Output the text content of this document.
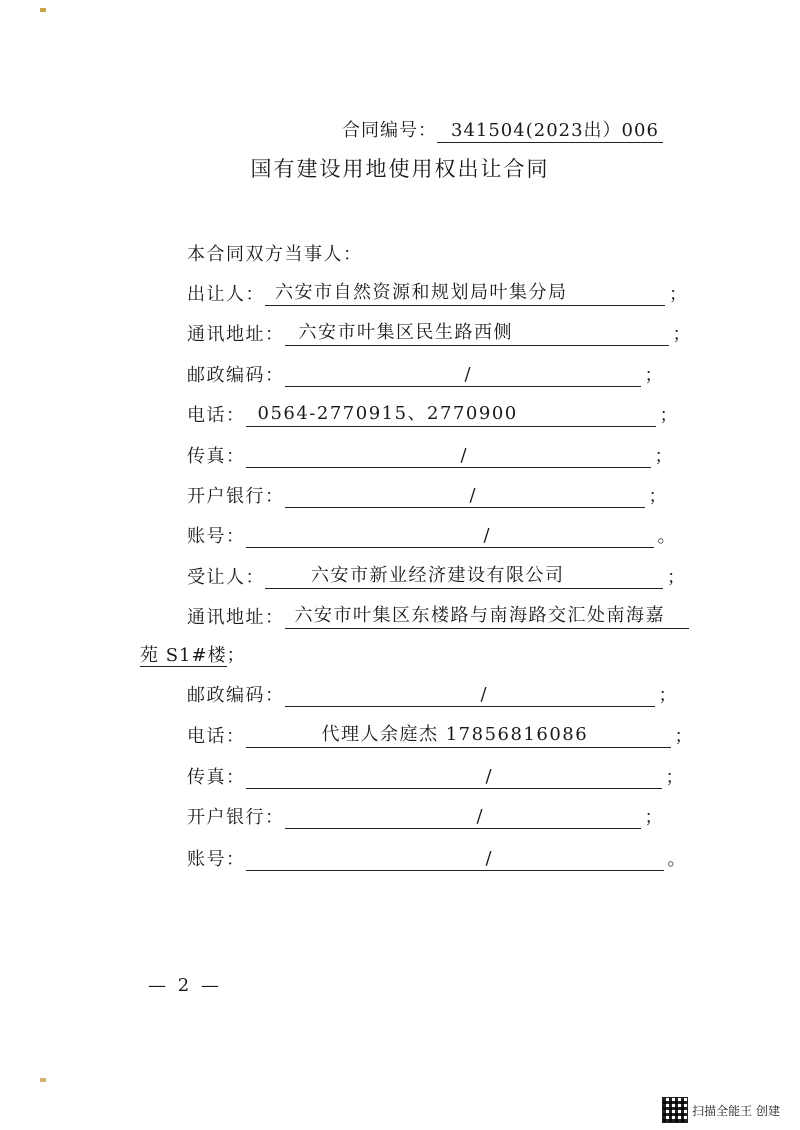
合同编号： 341504(2023出）006
国有建设用地使用权出让合同
本合同双方当事人：
出让人： 六安市自然资源和规划局叶集分局	；
通讯地址： 六安市叶集区民生路西侧	；
邮政编码：	/	；
电话： 0564-2770915、2770900	；
传真：	/	；
开户银行：	/	；
账号：	/	。
受让人：	六安市新业经济建设有限公司	；
通讯地址： 六安市叶集区东楼路与南海路交汇处南海嘉
苑 S1#楼；
邮政编码：	/	；
电话：	代理人余庭杰 17856816086	；
传真：	/	；
开户银行：	/	；
账号：	/	。
— 2 —
扫描全能王 创建
